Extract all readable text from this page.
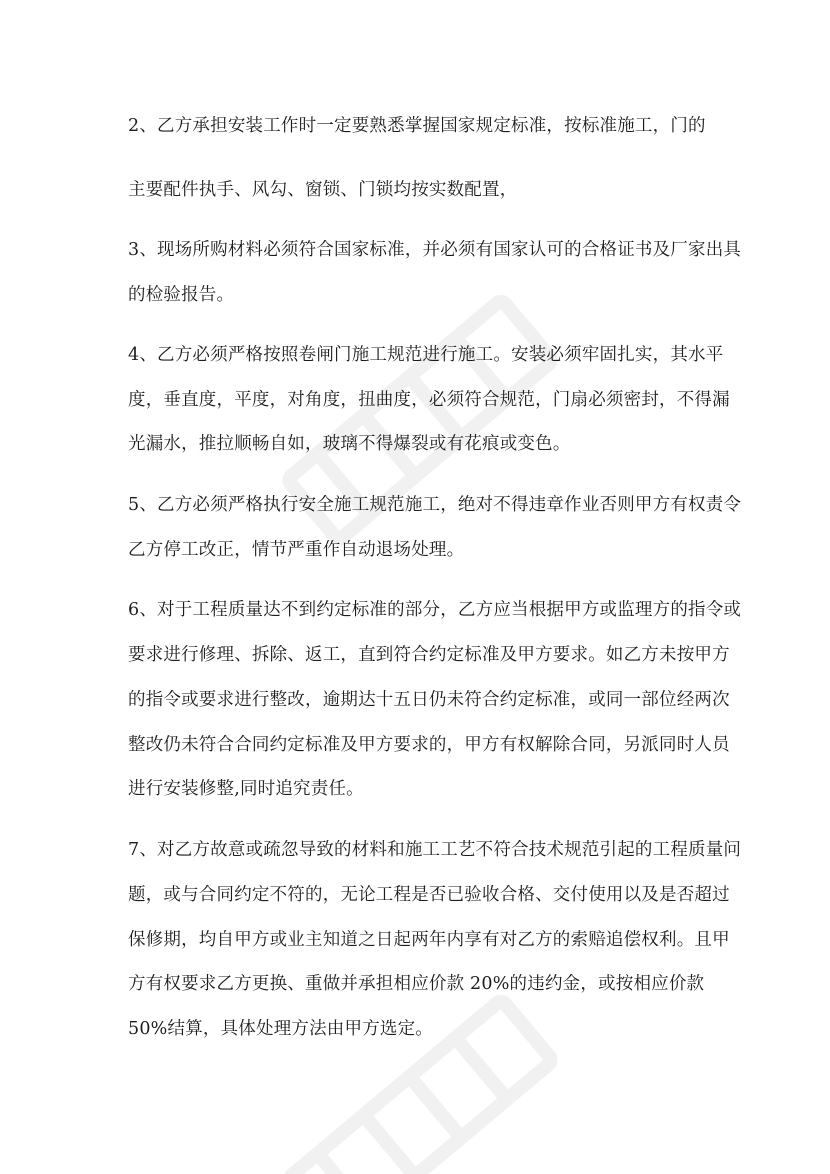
2、乙方承担安装工作时一定要熟悉掌握国家规定标准，按标准施工，门的
主要配件执手、风勾、窗锁、门锁均按实数配置，
3、现场所购材料必须符合国家标准，并必须有国家认可的合格证书及厂家出具
的检验报告。
4、乙方必须严格按照卷闸门施工规范进行施工。安装必须牢固扎实，其水平
度，垂直度，平度，对角度，扭曲度，必须符合规范，门扇必须密封，不得漏
光漏水，推拉顺畅自如，玻璃不得爆裂或有花痕或变色。
5、乙方必须严格执行安全施工规范施工，绝对不得违章作业否则甲方有权责令
乙方停工改正，情节严重作自动退场处理。
6、对于工程质量达不到约定标准的部分，乙方应当根据甲方或监理方的指令或
要求进行修理、拆除、返工，直到符合约定标准及甲方要求。如乙方未按甲方
的指令或要求进行整改，逾期达十五日仍未符合约定标准，或同一部位经两次
整改仍未符合合同约定标准及甲方要求的，甲方有权解除合同，另派同时人员
进行安装修整,同时追究责任。
7、对乙方故意或疏忽导致的材料和施工工艺不符合技术规范引起的工程质量问
题，或与合同约定不符的，无论工程是否已验收合格、交付使用以及是否超过
保修期，均自甲方或业主知道之日起两年内享有对乙方的索赔追偿权利。且甲
方有权要求乙方更换、重做并承担相应价款 20%的违约金，或按相应价款
50%结算，具体处理方法由甲方选定。
